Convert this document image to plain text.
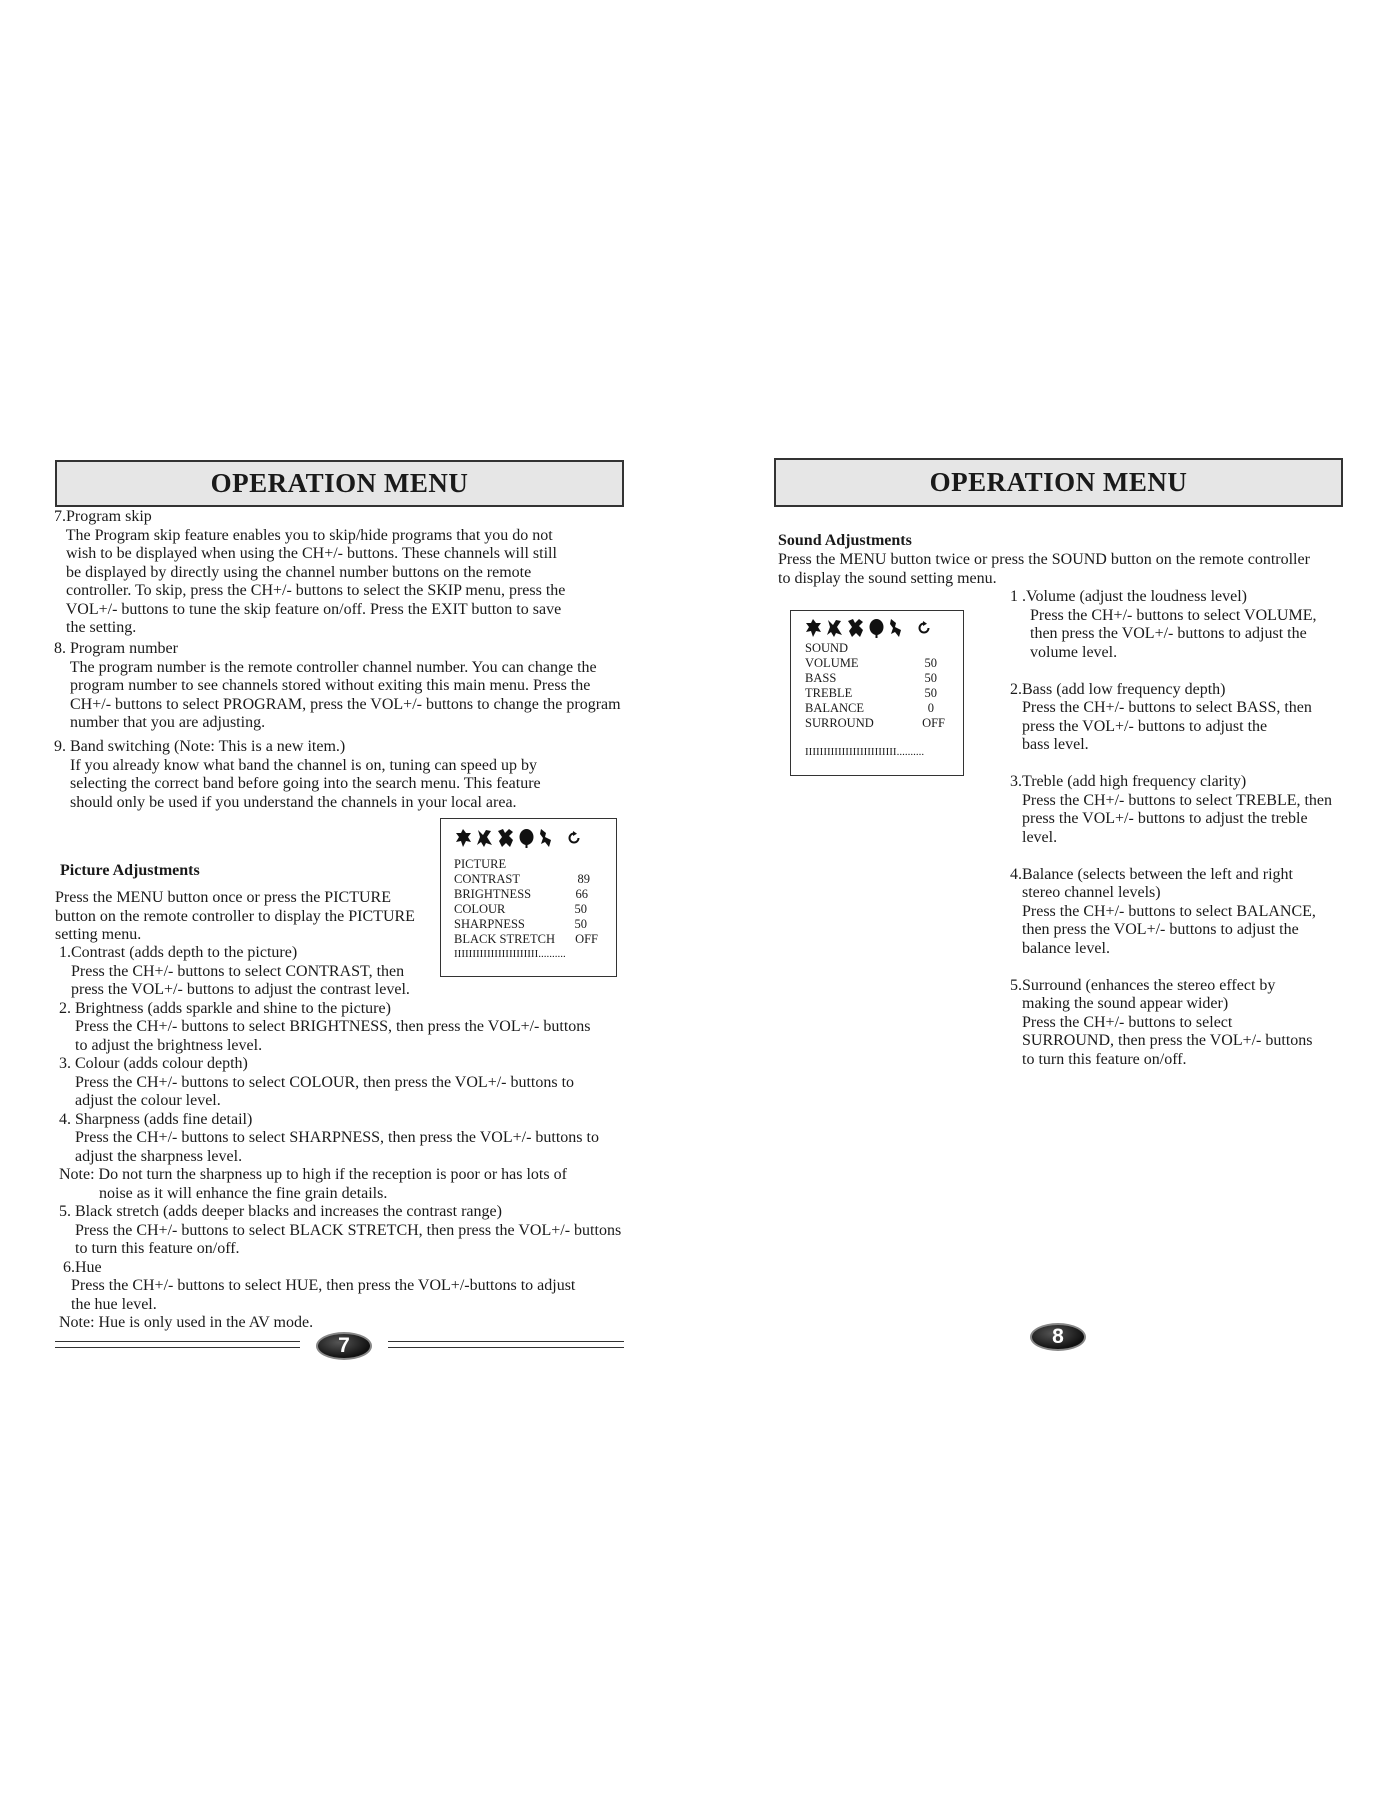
OPERATION MENU

7.Program skip

The Program skip feature enables you to skip/hide programs that you do not

wish to be displayed when using the CH+/- buttons. These channels will still

be displayed by directly using the channel number buttons on the remote

controller. To skip, press the CH+/- buttons to select the SKIP menu, press the

VOL+/- buttons to tune the skip feature on/off. Press the EXIT button to save

the setting.

8. Program number

The program number is the remote controller channel number. You can change the

program number to see channels stored without exiting this main menu. Press the

CH+/- buttons to select PROGRAM, press the VOL+/- buttons to change the program

number that you are adjusting.

9. Band switching (Note: This is a new item.)

If you already know what band the channel is on, tuning can speed up by

selecting the correct band before going into the search menu. This feature

should only be used if you understand the channels in your local area.

PICTURE
CONTRAST	89
BRIGHTNESS	66
COLOUR	50
SHARPNESS	50
BLACK STRETCH OFF
IIIIIIIIIIIIIIIIIIIIIII..........

Picture Adjustments

Press the MENU button once or press the PICTURE

button on the remote controller to display the PICTURE

setting menu.

1.Contrast (adds depth to the picture)

Press the CH+/- buttons to select CONTRAST, then

press the VOL+/- buttons to adjust the contrast level.

2. Brightness (adds sparkle and shine to the picture)

Press the CH+/- buttons to select BRIGHTNESS, then press the VOL+/- buttons

to adjust the brightness level.

3. Colour (adds colour depth)

Press the CH+/- buttons to select COLOUR, then press the VOL+/- buttons to

adjust the colour level.

4. Sharpness (adds fine detail)

Press the CH+/- buttons to select SHARPNESS, then press the VOL+/- buttons to

adjust the sharpness level.

Note: Do not turn the sharpness up to high if the reception is poor or has lots of

noise as it will enhance the fine grain details.

5. Black stretch (adds deeper blacks and increases the contrast range)

Press the CH+/- buttons to select BLACK STRETCH, then press the VOL+/- buttons

to turn this feature on/off.

6.Hue

Press the CH+/- buttons to select HUE, then press the VOL+/-buttons to adjust

the hue level.

Note: Hue is only used in the AV mode.

7
OPERATION MENU

Sound Adjustments

Press the MENU button twice or press the SOUND button on the remote controller

to display the sound setting menu.

SOUND
VOLUME	50
BASS	50
TREBLE	50
BALANCE	0
SURROUND	OFF
IIIIIIIIIIIIIIIIIIIIIIIII..........

1 .Volume (adjust the loudness level)

Press the CH+/- buttons to select VOLUME,

then press the VOL+/- buttons to adjust the

volume level.

2.Bass (add low frequency depth)

Press the CH+/- buttons to select BASS, then

press the VOL+/- buttons to adjust the

bass level.

3.Treble (add high frequency clarity)

Press the CH+/- buttons to select TREBLE, then

press the VOL+/- buttons to adjust the treble

level.

4.Balance (selects between the left and right

stereo channel levels)

Press the CH+/- buttons to select BALANCE,

then press the VOL+/- buttons to adjust the

balance level.

5.Surround (enhances the stereo effect by

making the sound appear wider)

Press the CH+/- buttons to select

SURROUND, then press the VOL+/- buttons

to turn this feature on/off.

8
